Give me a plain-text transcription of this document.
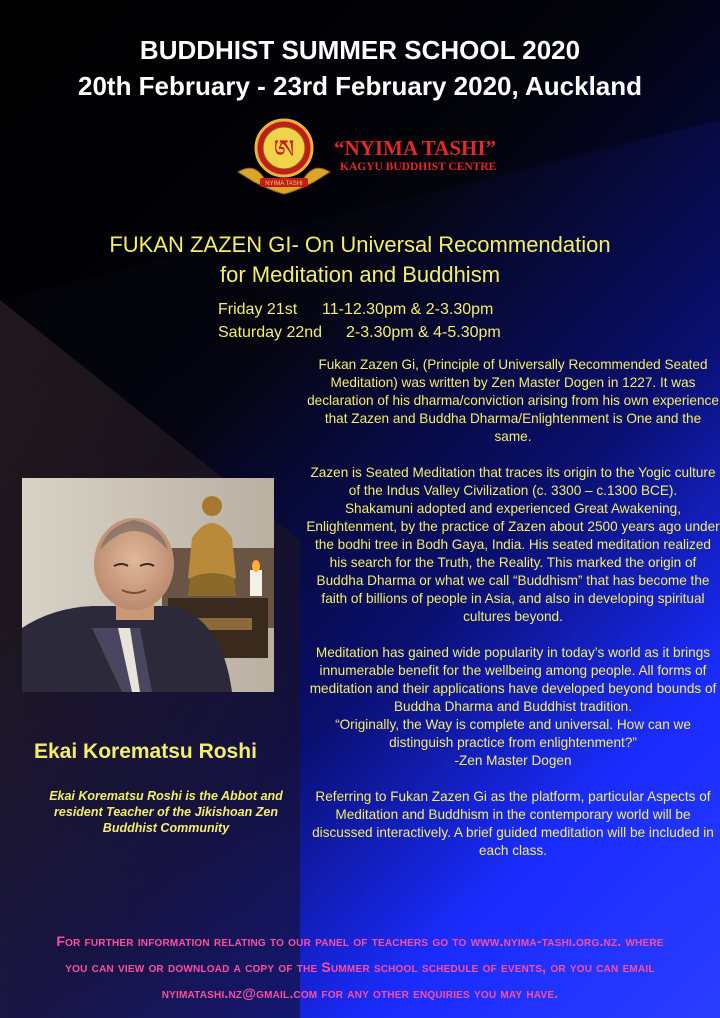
BUDDHIST SUMMER SCHOOL 2020
20th February - 23rd February 2020, Auckland
ཨ
NYIMA TASHI
“NYIMA TASHI”
KAGYU BUDDHIST CENTRE
FUKAN ZAZEN GI- On Universal Recommendation
for Meditation and Buddhism
Friday 21st 11-12.30pm & 2-3.30pm
Saturday 22nd 2-3.30pm & 4-5.30pm

Fukan Zazen Gi, (Principle of Universally Recommended Seated Meditation) was written by Zen Master Dogen in 1227. It was declaration of his dharma/conviction arising from his own experience that Zazen and Buddha Dharma/Enlightenment is One and the same.

Zazen is Seated Meditation that traces its origin to the Yogic culture of the Indus Valley Civilization (c. 3300 – c.1300 BCE).

Shakamuni adopted and experienced Great Awakening, Enlightenment, by the practice of Zazen about 2500 years ago under the bodhi tree in Bodh Gaya, India. His seated meditation realized his search for the Truth, the Reality. This marked the origin of Buddha Dharma or what we call “Buddhism” that has become the faith of billions of people in Asia, and also in developing spiritual cultures beyond.

Meditation has gained wide popularity in today’s world as it brings innumerable benefit for the wellbeing among people. All forms of meditation and their applications have developed beyond bounds of Buddha Dharma and Buddhist tradition.

“Originally, the Way is complete and universal. How can we distinguish practice from enlightenment?”

-Zen Master Dogen

Referring to Fukan Zazen Gi as the platform, particular Aspects of Meditation and Buddhism in the contemporary world will be discussed interactively. A brief guided meditation will be included in each class.

Ekai Korematsu Roshi
Ekai Korematsu Roshi is the Abbot and resident Teacher of the Jikishoan Zen Buddhist Community
For further information relating to our panel of teachers go to www.nyima-tashi.org.nz. where
you can view or download a copy of the Summer school schedule of events, or you can email
nyimatashi.nz@gmail.com for any other enquiries you may have.
